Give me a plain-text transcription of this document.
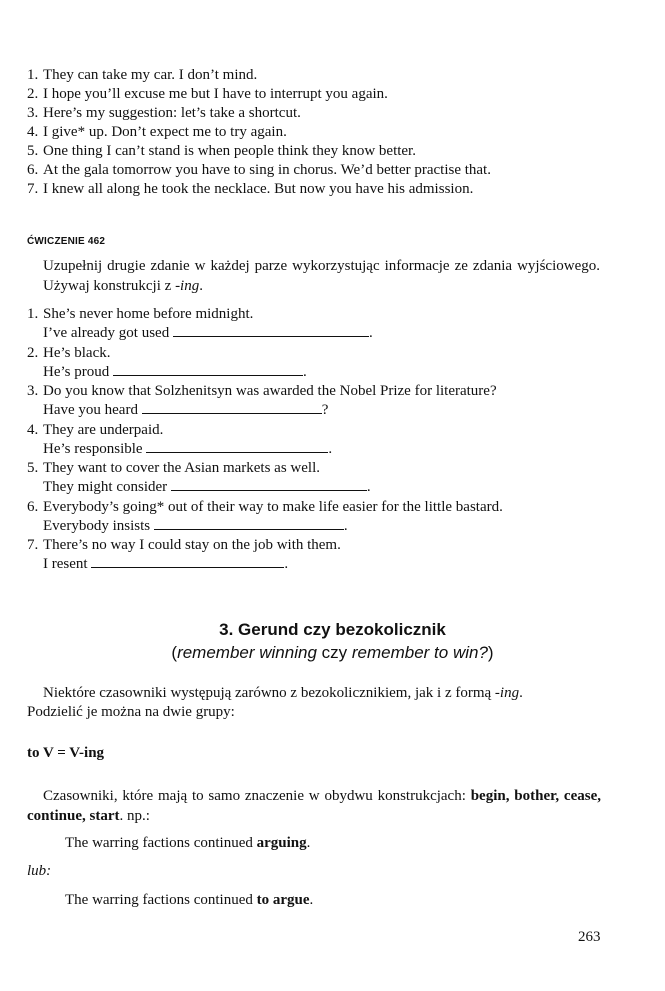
1. They can take my car. I don’t mind.
2. I hope you’ll excuse me but I have to interrupt you again.
3. Here’s my suggestion: let’s take a shortcut.
4. I give* up. Don’t expect me to try again.
5. One thing I can’t stand is when people think they know better.
6. At the gala tomorrow you have to sing in chorus. We’d better practise that.
7. I knew all along he took the necklace. But now you have his admission.
ĆWICZENIE 462
Uzupełnij drugie zdanie w każdej parze wykorzystując informacje ze zdania wyjściowego. Używaj konstrukcji z -ing.
1. She’s never home before midnight.
I’ve already got used	.
2. He’s black.
He’s proud	.
3. Do you know that Solzhenitsyn was awarded the Nobel Prize for literature?
Have you heard	?
4. They are underpaid.
He’s responsible	.
5. They want to cover the Asian markets as well.
They might consider	.
6. Everybody’s going* out of their way to make life easier for the little bastard.
Everybody insists	.
7. There’s no way I could stay on the job with them.
I resent	.
3. Gerund czy bezokolicznik
(remember winning czy remember to win?)
Niektóre czasowniki występują zarówno z bezokolicznikiem, jak i z formą -ing.
Podzielić je można na dwie grupy:
to V = V-ing
Czasowniki, które mają to samo znaczenie w obydwu konstrukcjach: begin, bother, cease, continue, start. np.:
The warring factions continued arguing.
lub:
The warring factions continued to argue.
263
